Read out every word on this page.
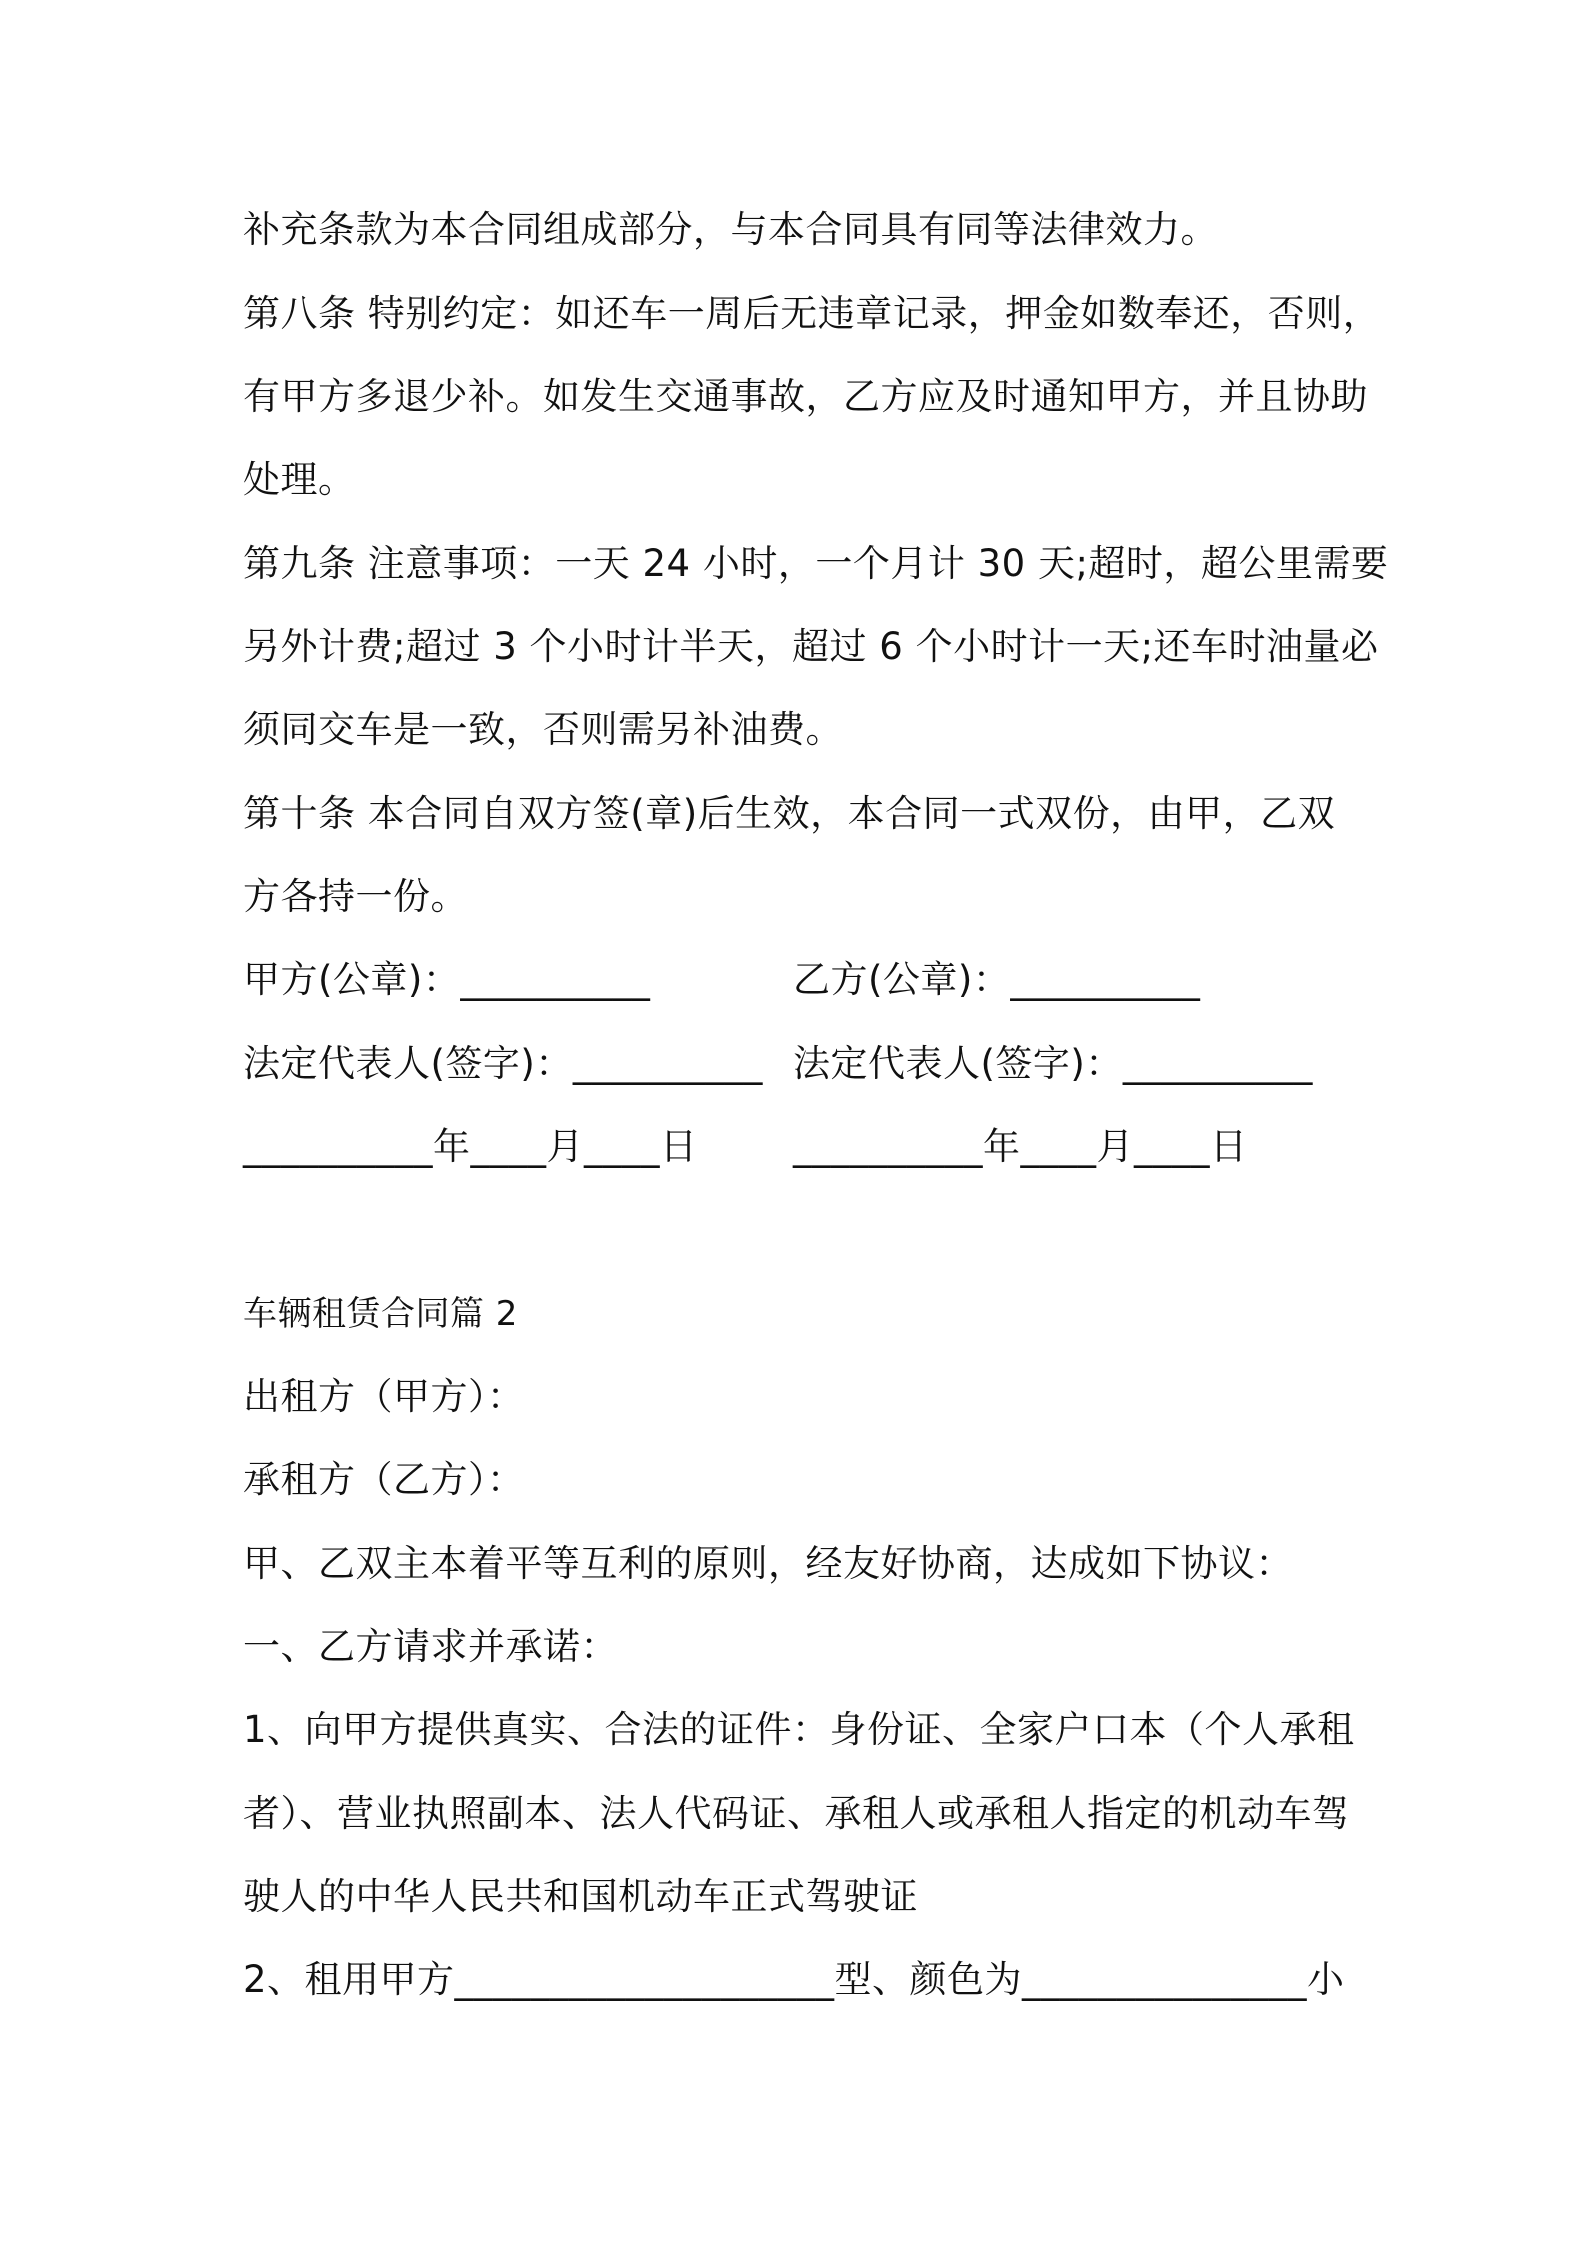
补充条款为本合同组成部分，与本合同具有同等法律效力。
第八条 特别约定：如还车一周后无违章记录，押金如数奉还，否则，
有甲方多退少补。如发生交通事故，乙方应及时通知甲方，并且协助
处理。
第九条 注意事项：一天 24 小时，一个月计 30 天;超时，超公里需要
另外计费;超过 3 个小时计半天，超过 6 个小时计一天;还车时油量必
须同交车是一致，否则需另补油费。
第十条 本合同自双方签(章)后生效，本合同一式双份，由甲，乙双
方各持一份。
甲方(公章)：__________	乙方(公章)：__________
法定代表人(签字)：__________ 法定代表人(签字)：__________
__________年____月____日	__________年____月____日
车辆租赁合同篇 2
出租方（甲方）：
承租方（乙方）：
甲、乙双主本着平等互利的原则，经友好协商，达成如下协议：
一、乙方请求并承诺：
1、向甲方提供真实、合法的证件：身份证、全家户口本（个人承租
者）、营业执照副本、法人代码证、承租人或承租人指定的机动车驾
驶人的中华人民共和国机动车正式驾驶证
2、租用甲方____________________型、颜色为_______________小
